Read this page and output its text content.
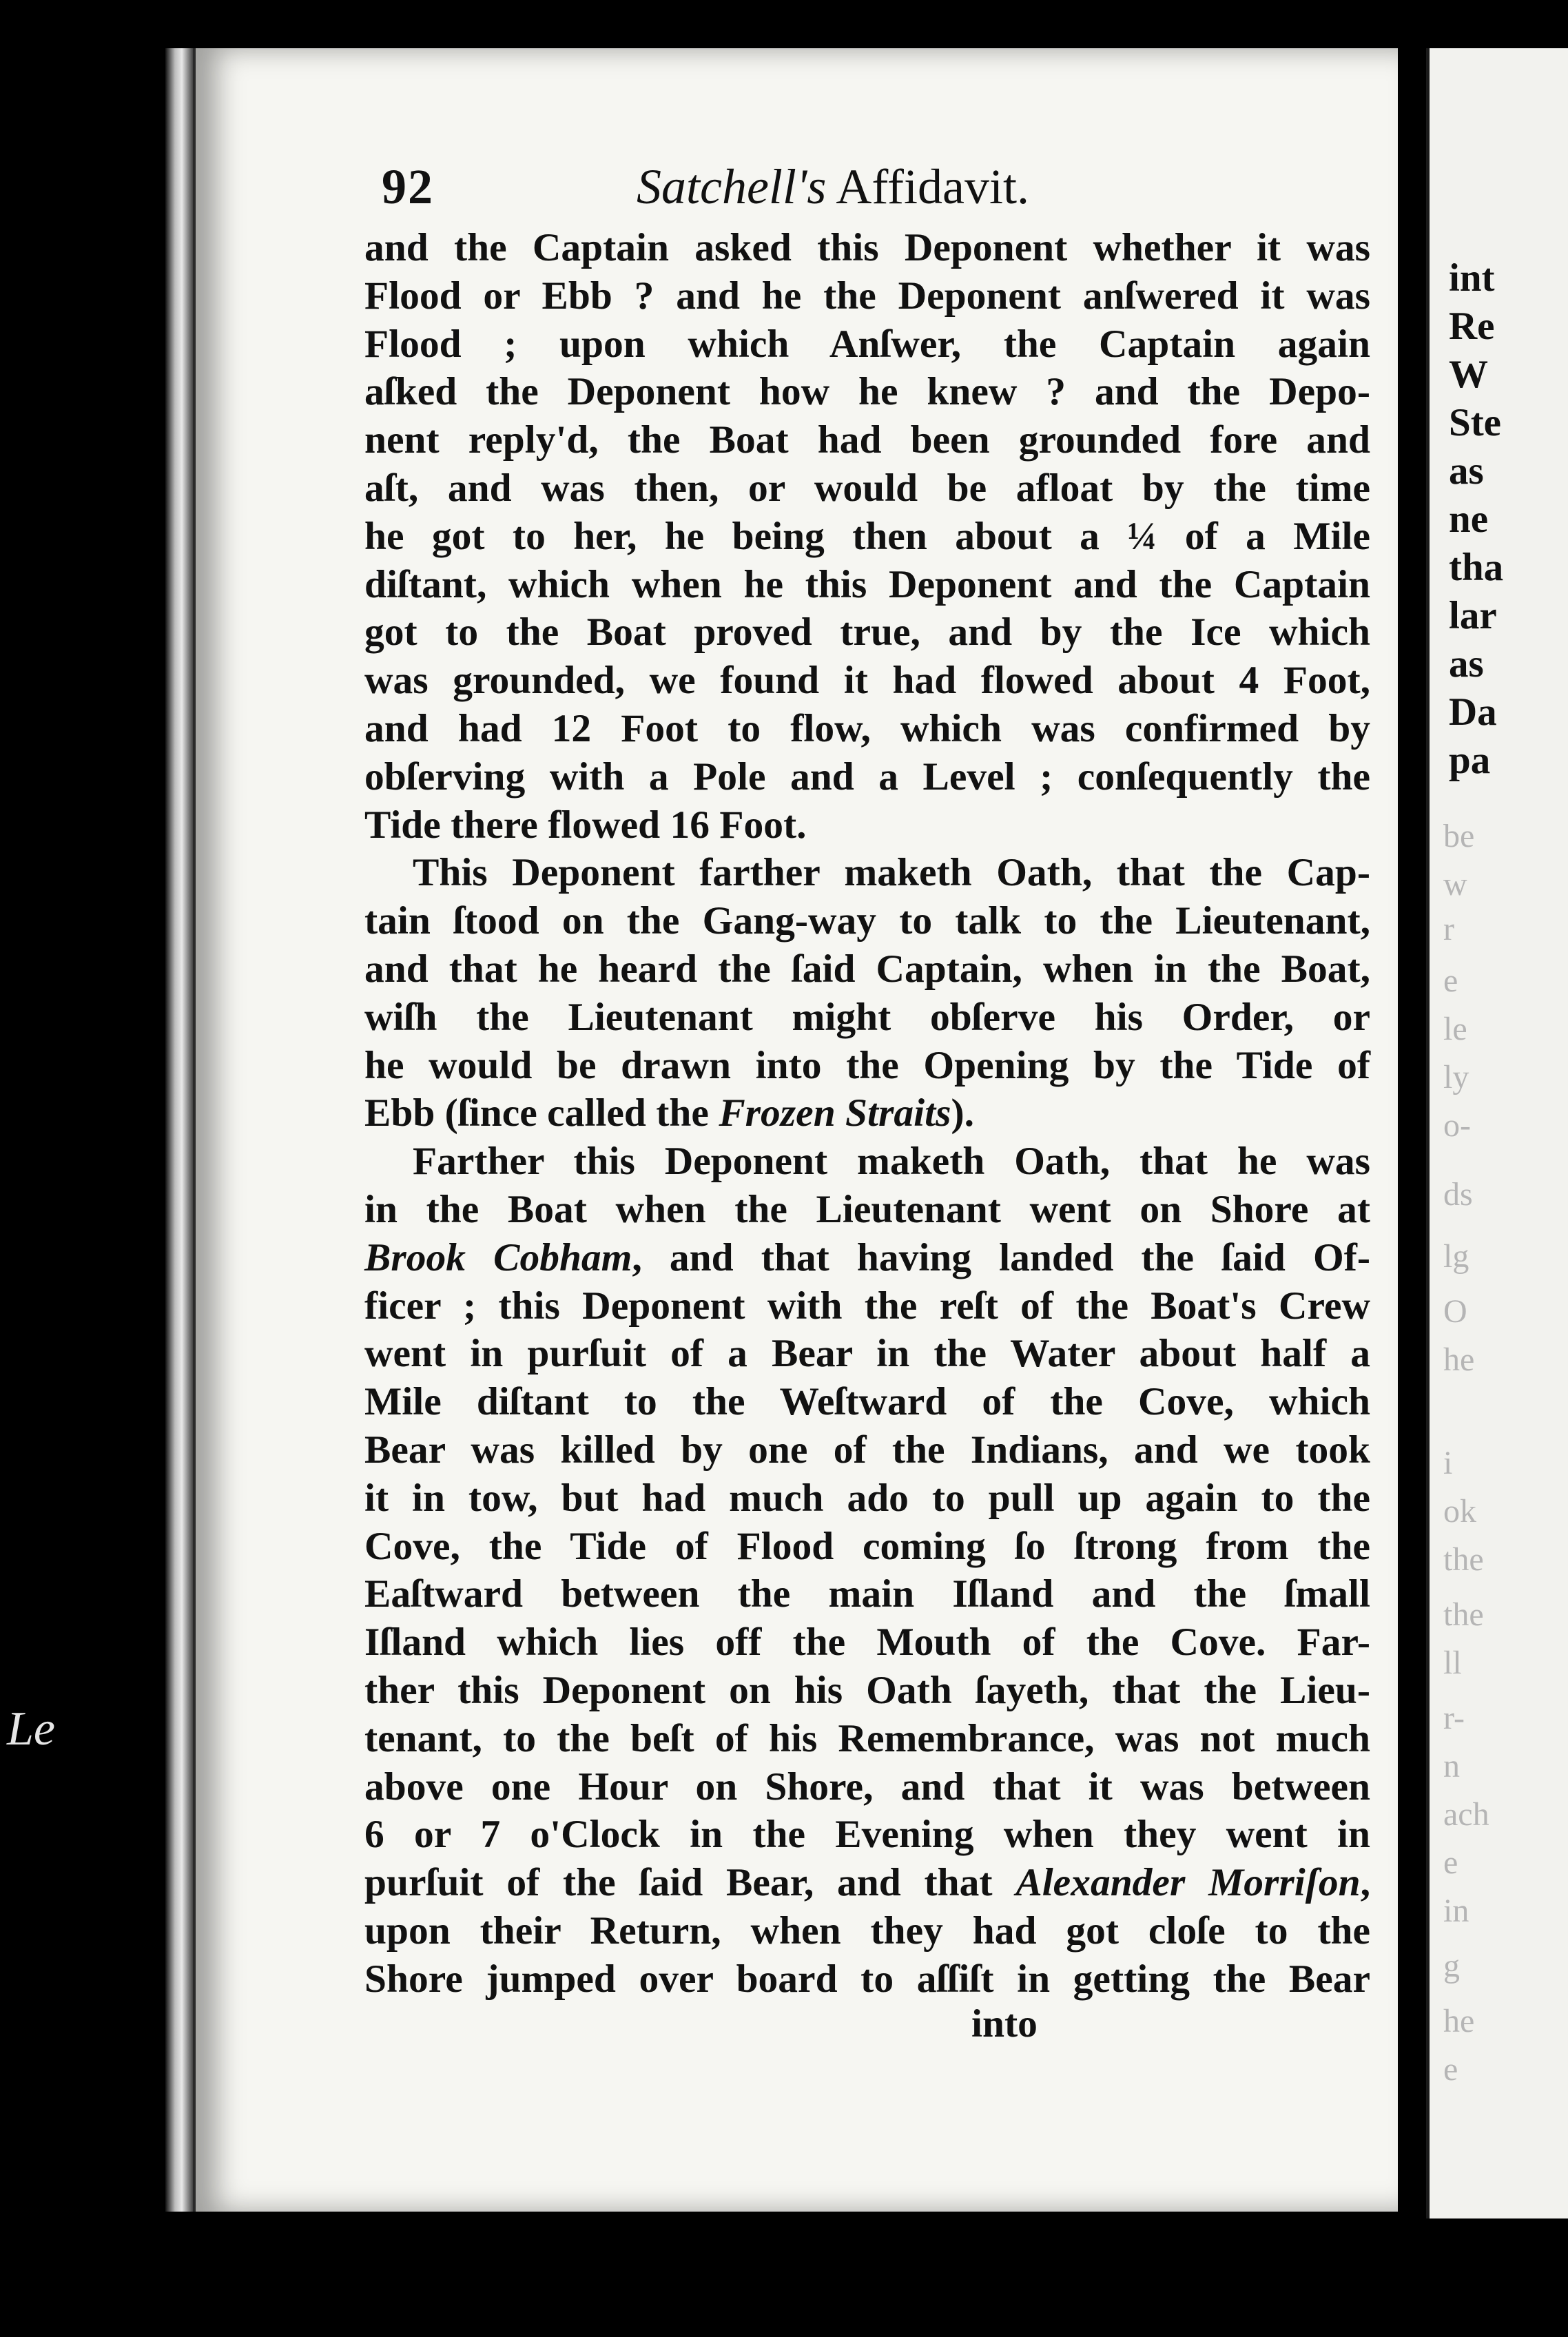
Le
92	Satchell's Affidavit.
and the Captain asked this Deponent whether it was
Flood or Ebb ? and he the Deponent anſwered it was
Flood ; upon which Anſwer, the Captain again
aſked the Deponent how he knew ? and the Depo-
nent reply'd, the Boat had been grounded fore and
aſt, and was then, or would be afloat by the time
he got to her, he being then about a ¼ of a Mile
diſtant, which when he this Deponent and the Captain
got to the Boat proved true, and by the Ice which
was grounded, we found it had flowed about 4 Foot,
and had 12 Foot to flow, which was confirmed by
obſerving with a Pole and a Level ; conſequently the
Tide there flowed 16 Foot.
This Deponent farther maketh Oath, that the Cap-
tain ſtood on the Gang-way to talk to the Lieutenant,
and that he heard the ſaid Captain, when in the Boat,
wiſh the Lieutenant might obſerve his Order, or
he would be drawn into the Opening by the Tide of
Ebb (ſince called the Frozen Straits).
Farther this Deponent maketh Oath, that he was
in the Boat when the Lieutenant went on Shore at
Brook Cobham, and that having landed the ſaid Of-
ficer ; this Deponent with the reſt of the Boat's Crew
went in purſuit of a Bear in the Water about half a
Mile diſtant to the Weſtward of the Cove, which
Bear was killed by one of the Indians, and we took
it in tow, but had much ado to pull up again to the
Cove, the Tide of Flood coming ſo ſtrong from the
Eaſtward between the main Iſland and the ſmall
Iſland which lies off the Mouth of the Cove. Far-
ther this Deponent on his Oath ſayeth, that the Lieu-
tenant, to the beſt of his Remembrance, was not much
above one Hour on Shore, and that it was between
6 or 7 o'Clock in the Evening when they went in
purſuit of the ſaid Bear, and that Alexander Morriſon,
upon their Return, when they had got cloſe to the
Shore jumped over board to aſſiſt in getting the Bear
into
int
Re
W
Ste
as
ne
tha
lar
as
Da
pa
be
w
r
e
le
ly
o-
ds
lg
O
he
i
ok
the
the
ll
r-
n
ach
e
in
g
he
e
